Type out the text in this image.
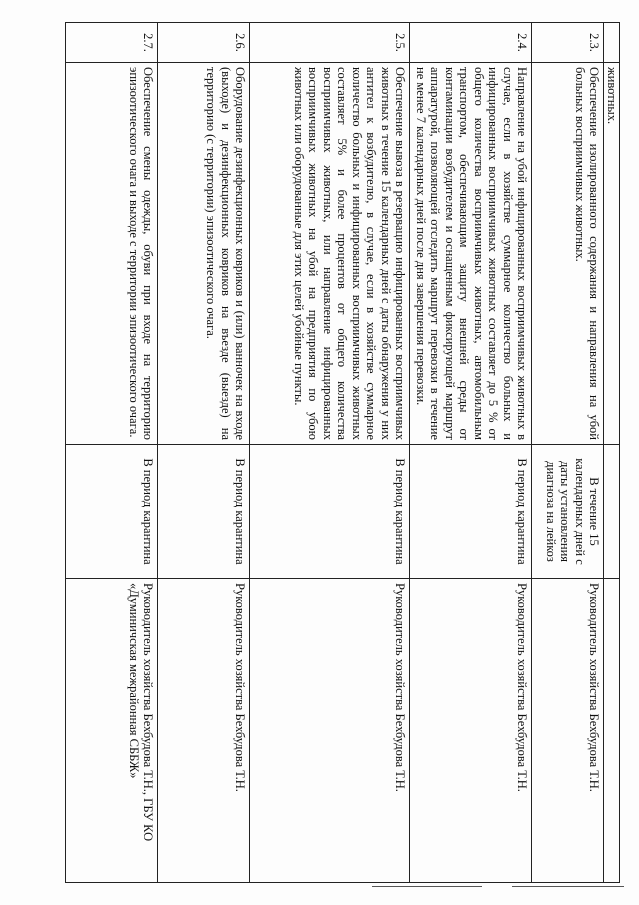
	животных.		
2.3.	Обеспечение изолированного содержания и направления на убой больных восприимчивых животных.	В течение 15 календарных дней с даты установления диагноза на лейкоз	Руководитель хозяйства Бехбудова Т.Н.
2.4.	Направление на убой инфицированных восприимчивых животных в случае, если в хозяйстве суммарное количество больных и инфицированных восприимчивых животных составляет до 5 % от общего количества восприимчивых животных, автомобильным транспортом, обеспечивающим защиту внешней среды от контаминации возбудителем и оснащенным фиксирующей маршрут аппаратурой, позволяющей отследить маршрут перевозки в течение не менее 7 календарных дней после дня завершения перевозки.	В период карантина	Руководитель хозяйства Бехбудова Т.Н.
2.5.	Обеспечение вывоза в резервацию инфицированных восприимчивых животных в течение 15 календарных дней с даты обнаружения у них антител к возбудителю, в случае, если в хозяйстве суммарное количество больных и инфицированных восприимчивых животных составляет 5% и более процентов от общего количества восприимчивых животных, или направление инфицированных восприимчивых животных на убой на предприятия по убою животных или оборудованные для этих целей убойные пункты.	В период карантина	Руководитель хозяйства Бехбудова Т.Н.
2.6.	Оборудование дезинфекционных ковриков и (или) ванночек на входе (выходе) и дезинфекционных ковриков на въезде (выезде) на территорию (с территории) эпизоотического очага.	В период карантина	Руководитель хозяйства Бехбудова Т.Н.
2.7.	Обеспечение смены одежды, обуви при входе на территорию эпизоотического очага и выходе с территории эпизоотического очага.	В период карантина	Руководитель хозяйства Бехбудова Т.Н., ГБУ КО «Думиничская межрайонная СББЖ»
